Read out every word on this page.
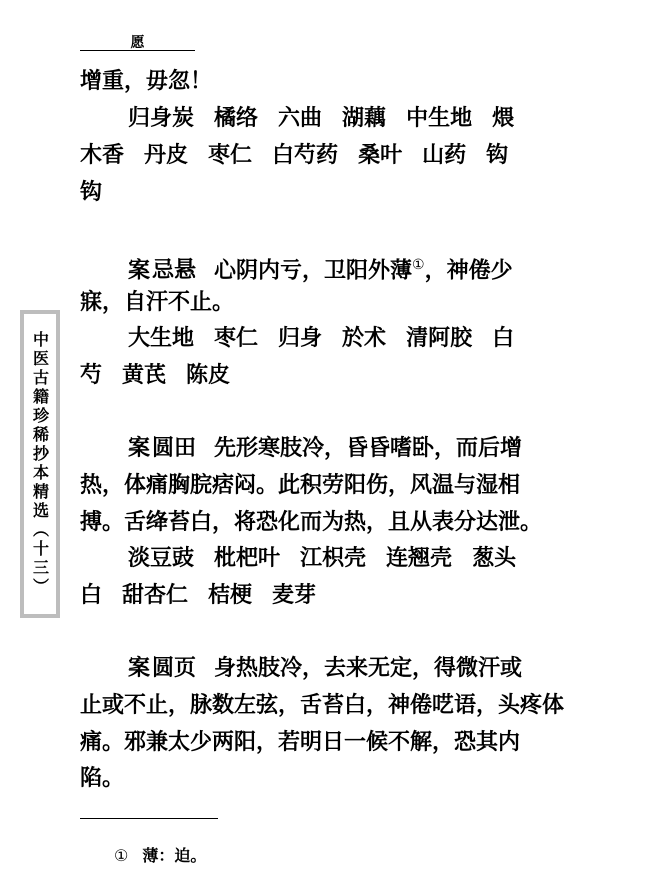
愿
中医古籍珍稀抄本精选（十三）
增重，毋忽！
归身炭 橘络 六曲 湖藕 中生地 煨
木香 丹皮 枣仁 白芍药 桑叶 山药 钩
钩
案忌悬 心阴内亏，卫阳外薄①，神倦少
寐，自汗不止。
大生地 枣仁 归身 於术 清阿胶 白
芍 黄芪 陈皮
案圆田 先形寒肢冷，昏昏嗜卧，而后增
热，体痛胸脘痞闷。此积劳阳伤，风温与湿相
搏。舌绛苔白，将恐化而为热，且从表分达泄。
淡豆豉 枇杷叶 江枳壳 连翘壳 葱头
白 甜杏仁 桔梗 麦芽
案圆页 身热肢冷，去来无定，得微汗或
止或不止，脉数左弦，舌苔白，神倦呓语，头疼体
痛。邪兼太少两阳，若明日一候不解，恐其内
陷。
① 薄：迫。
